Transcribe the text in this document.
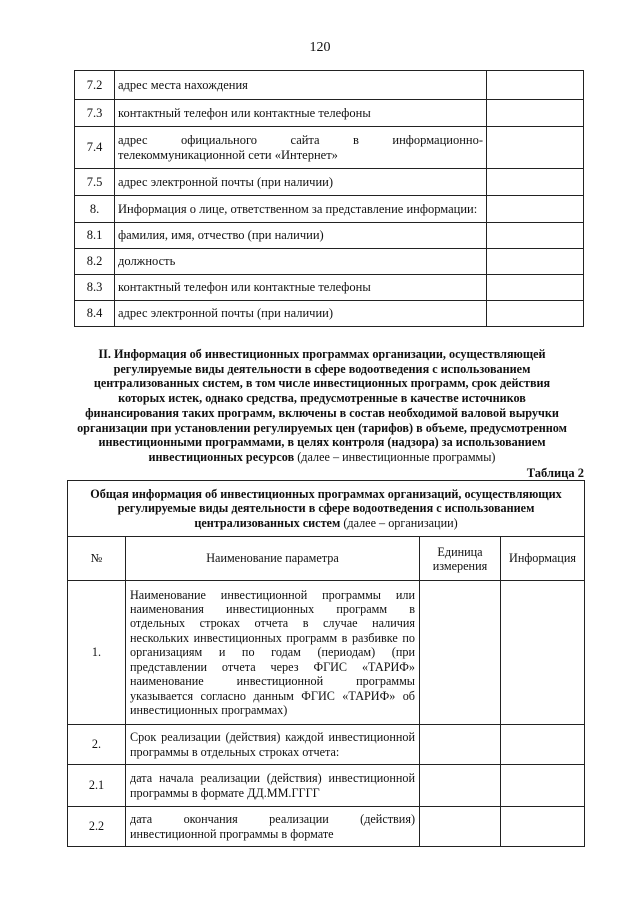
120
7.2	адрес места нахождения	
7.3	контактный телефон или контактные телефоны	
7.4	адрес официального сайта в информационно-телекоммуникационной сети «Интернет»	
7.5	адрес электронной почты (при наличии)	
8.	Информация о лице, ответственном за представление информации:	
8.1	фамилия, имя, отчество (при наличии)	
8.2	должность	
8.3	контактный телефон или контактные телефоны	
8.4	адрес электронной почты (при наличии)	
II. Информация об инвестиционных программах организации, осуществляющей регулируемые виды деятельности в сфере водоотведения с использованием централизованных систем, в том числе инвестиционных программ, срок действия которых истек, однако средства, предусмотренные в качестве источников финансирования таких программ, включены в состав необходимой валовой выручки организации при установлении регулируемых цен (тарифов) в объеме, предусмотренном инвестиционными программами, в целях контроля (надзора) за использованием инвестиционных ресурсов (далее – инвестиционные программы)
Таблица 2
Общая информация об инвестиционных программах организаций, осуществляющих регулируемые виды деятельности в сфере водоотведения с использованием централизованных систем (далее – организации)			
№	Наименование параметра	Единица измерения	Информация
1.	Наименование инвестиционной программы или наименования инвестиционных программ в отдельных строках отчета в случае наличия нескольких инвестиционных программ в разбивке по организациям и по годам (периодам) (при представлении отчета через ФГИС «ТАРИФ» наименование инвестиционной программы указывается согласно данным ФГИС «ТАРИФ» об инвестиционных программах)		
2.	Срок реализации (действия) каждой инвестиционной программы в отдельных строках отчета:		
2.1	дата начала реализации (действия) инвестиционной программы в формате ДД.ММ.ГГГГ		
2.2	дата окончания реализации (действия) инвестиционной программы в формате		
